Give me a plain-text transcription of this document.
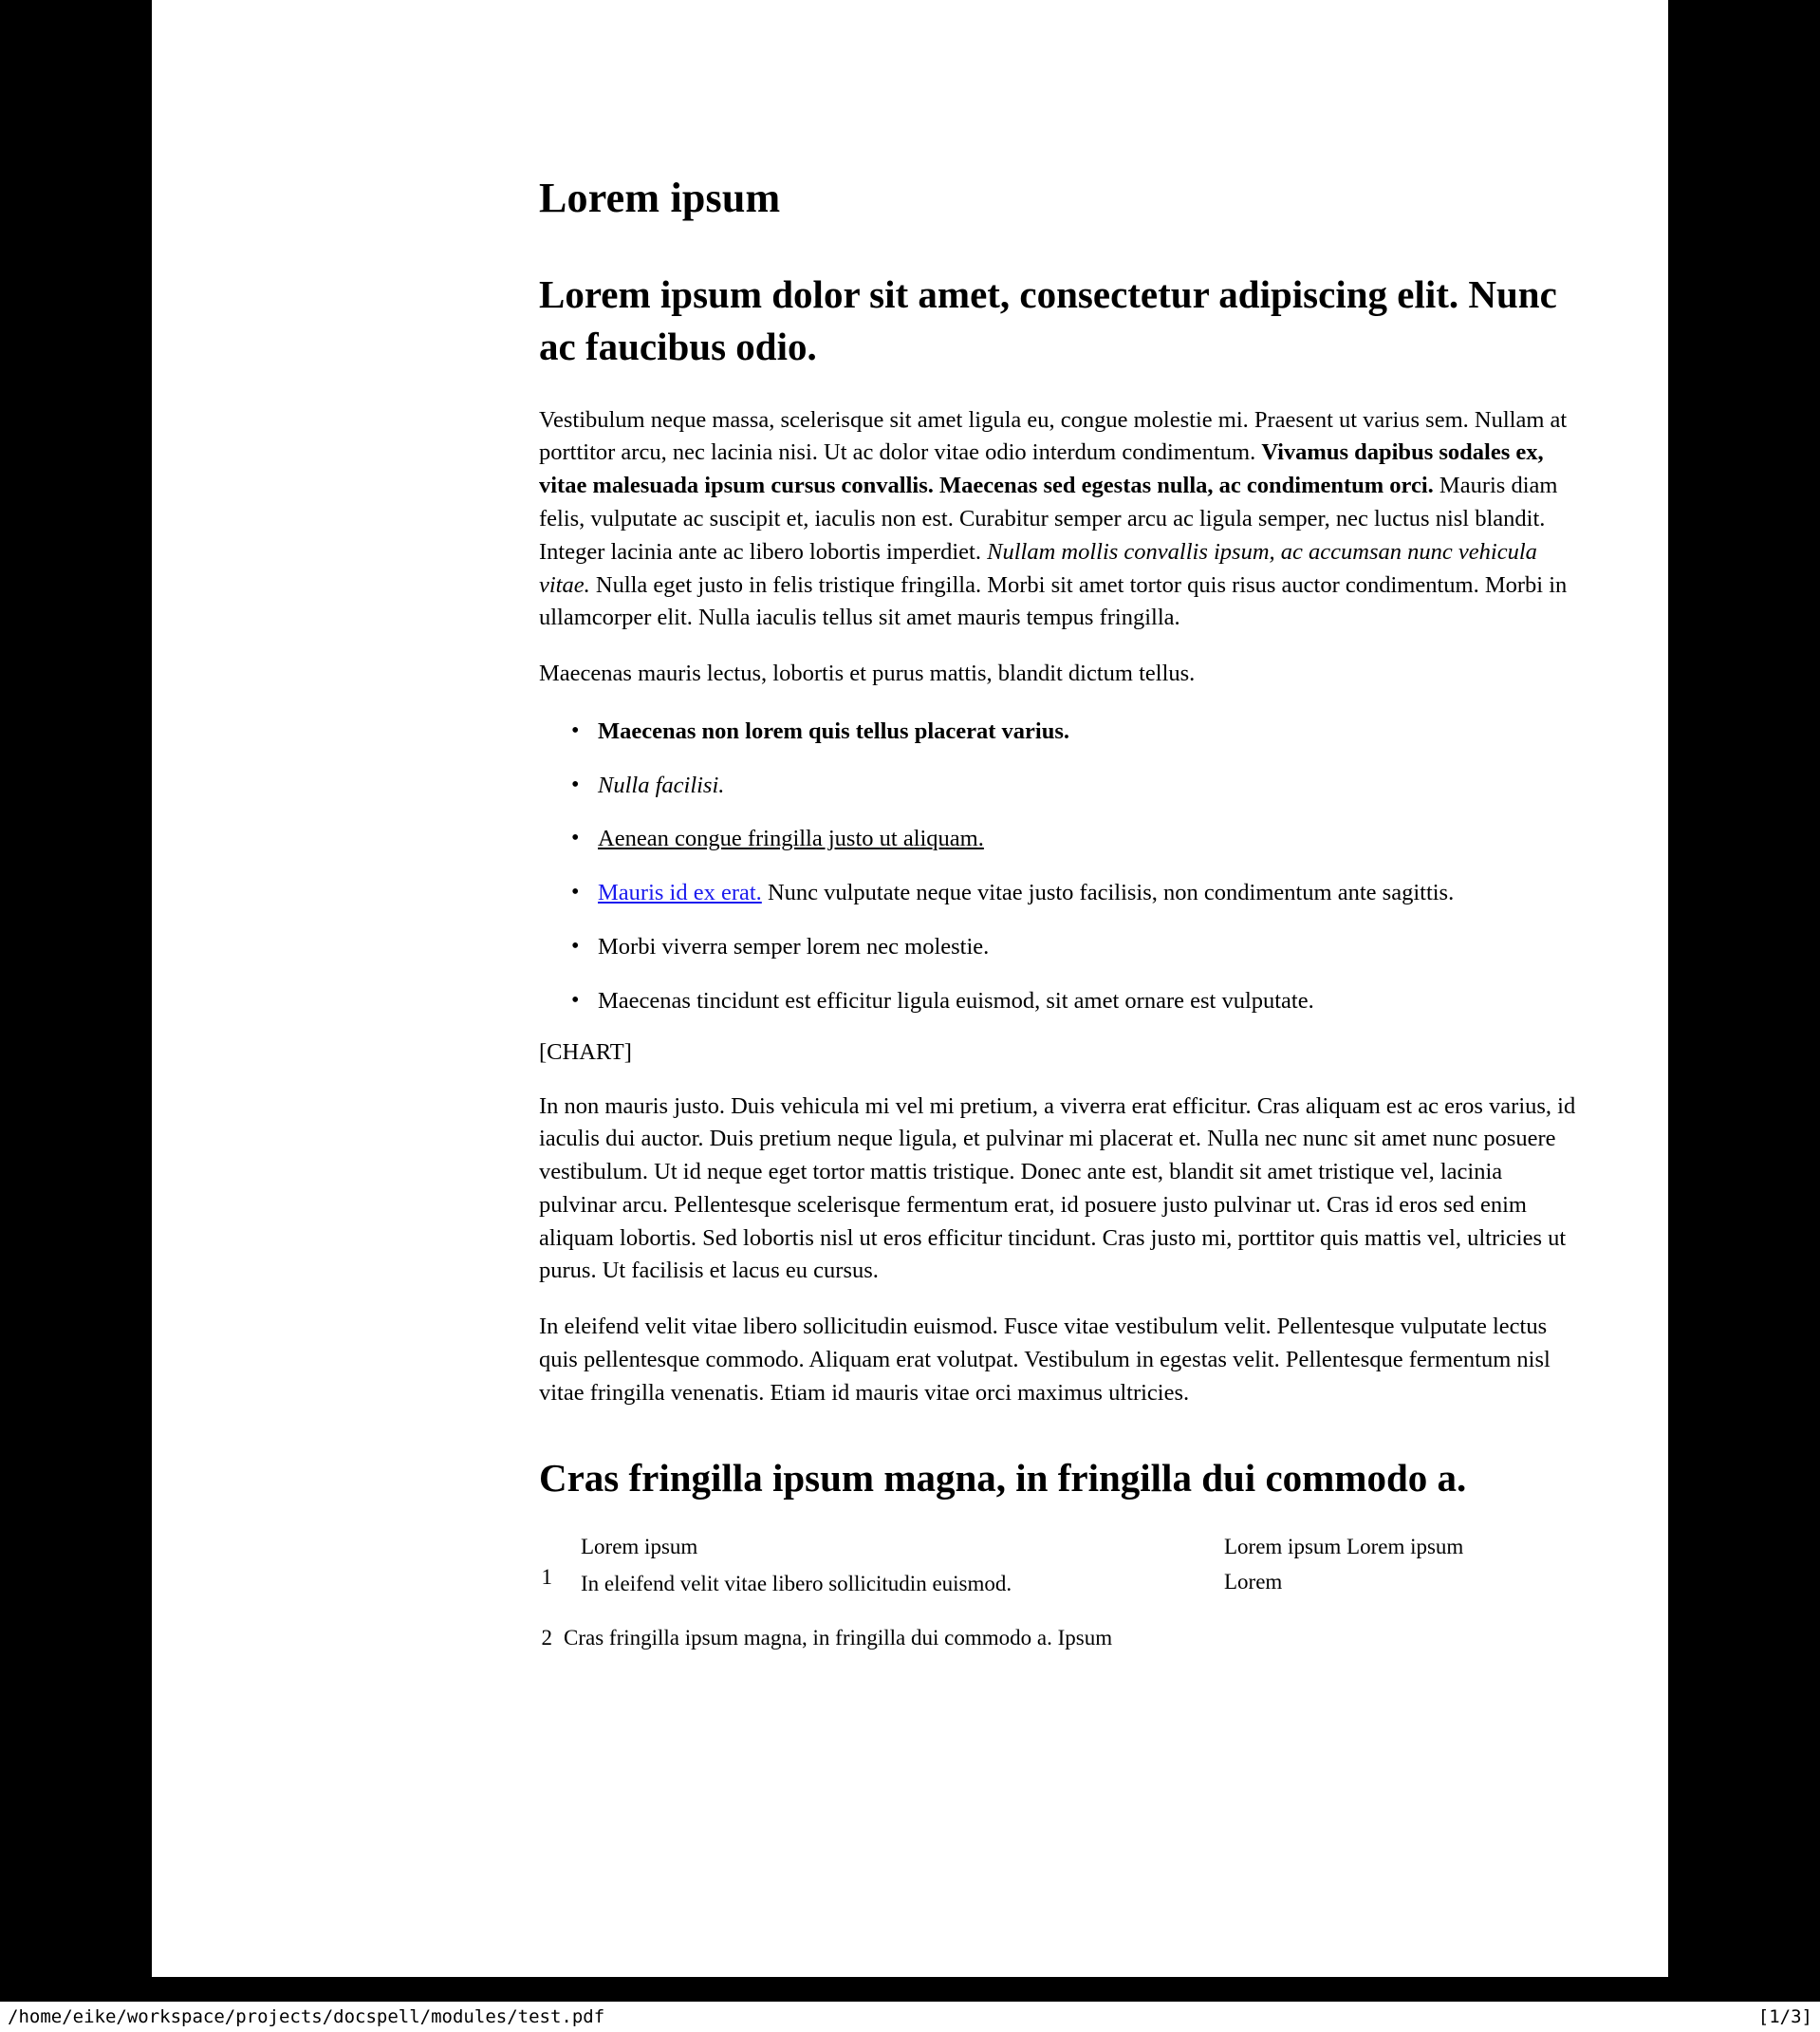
Lorem ipsum
Lorem ipsum dolor sit amet, consectetur adipiscing elit. Nunc ac faucibus odio.

Vestibulum neque massa, scelerisque sit amet ligula eu, congue molestie mi. Praesent ut varius sem. Nullam at porttitor arcu, nec lacinia nisi. Ut ac dolor vitae odio interdum condimentum. Vivamus dapibus sodales ex, vitae malesuada ipsum cursus convallis. Maecenas sed egestas nulla, ac condimentum orci. Mauris diam felis, vulputate ac suscipit et, iaculis non est. Curabitur semper arcu ac ligula semper, nec luctus nisl blandit. Integer lacinia ante ac libero lobortis imperdiet. Nullam mollis convallis ipsum, ac accumsan nunc vehicula vitae. Nulla eget justo in felis tristique fringilla. Morbi sit amet tortor quis risus auctor condimentum. Morbi in ullamcorper elit. Nulla iaculis tellus sit amet mauris tempus fringilla.

Maecenas mauris lectus, lobortis et purus mattis, blandit dictum tellus.

• Maecenas non lorem quis tellus placerat varius.
• Nulla facilisi.
• Aenean congue fringilla justo ut aliquam.
• Mauris id ex erat. Nunc vulputate neque vitae justo facilisis, non condimentum ante sagittis.
• Morbi viverra semper lorem nec molestie.
• Maecenas tincidunt est efficitur ligula euismod, sit amet ornare est vulputate.

[CHART]

In non mauris justo. Duis vehicula mi vel mi pretium, a viverra erat efficitur. Cras aliquam est ac eros varius, id iaculis dui auctor. Duis pretium neque ligula, et pulvinar mi placerat et. Nulla nec nunc sit amet nunc posuere vestibulum. Ut id neque eget tortor mattis tristique. Donec ante est, blandit sit amet tristique vel, lacinia pulvinar arcu. Pellentesque scelerisque fermentum erat, id posuere justo pulvinar ut. Cras id eros sed enim aliquam lobortis. Sed lobortis nisl ut eros efficitur tincidunt. Cras justo mi, porttitor quis mattis vel, ultricies ut purus. Ut facilisis et lacus eu cursus.

In eleifend velit vitae libero sollicitudin euismod. Fusce vitae vestibulum velit. Pellentesque vulputate lectus quis pellentesque commodo. Aliquam erat volutpat. Vestibulum in egestas velit. Pellentesque fermentum nisl vitae fringilla venenatis. Etiam id mauris vitae orci maximus ultricies.

Cras fringilla ipsum magna, in fringilla dui commodo a.
1
Lorem ipsum
In eleifend velit vitae libero sollicitudin euismod.
Lorem ipsum Lorem ipsum
Lorem
2 Cras fringilla ipsum magna, in fringilla dui commodo a. Ipsum
/home/eike/workspace/projects/docspell/modules/test.pdf	[1/3]
